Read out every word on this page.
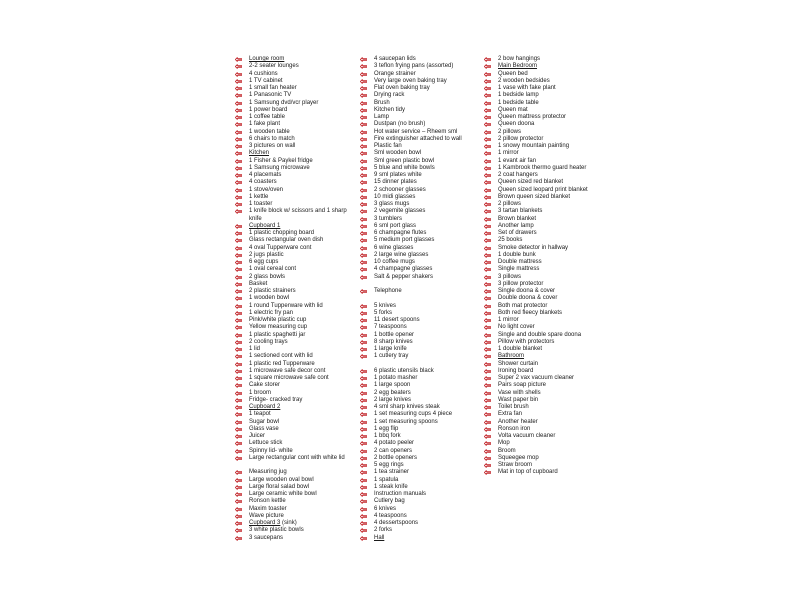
Lounge room
2-2 seater lounges
4 cushions
1 TV cabinet
1 small fan heater
1 Panasonic TV
1 Samsung dvd/vcr player
1 power board
1 coffee table
1 fake plant
1 wooden table
6 chairs to match
3 pictures on wall
Kitchen
1 Fisher & Paykel fridge
1 Samsung microwave
4 placemats
4 coasters
1 stove/oven
1 kettle
1 toaster
1 knife block w/ scissors and 1 sharp knife
Cupboard 1
1 plastic chopping board
Glass rectangular oven dish
4 oval Tupperware cont
2 jugs plastic
6 egg cups
1 oval cereal cont
2 glass bowls
Basket
2 plastic strainers
1 wooden bowl
1 round Tupperware with lid
1 electric fry pan
Pink/white plastic cup
Yellow measuring cup
1 plastic spaghetti jar
2 cooling trays
1 lid
1 sectioned cont with lid
1 plastic red Tupperware
1 microwave safe decor cont
1 square microwave safe cont
Cake storer
1 broom
Fridge- cracked tray
Cupboard 2
1 teapot
Sugar bowl
Glass vase
Juicer
Lettuce stick
Spinny lid- white
Large rectangular cont with white lid
Measuring jug
Large wooden oval bowl
Large floral salad bowl
Large ceramic white bowl
Ronson kettle
Maxim toaster
Wave picture
Cupboard 3 (sink)
3 white plastic bowls
3 saucepans
4 saucepan lids
3 teflon frying pans (assorted)
Orange strainer
Very large oven baking tray
Flat oven baking tray
Drying rack
Brush
Kitchen tidy
Lamp
Dustpan (no brush)
Hot water service – Rheem sml
Fire extinguisher attached to wall
Plastic fan
Sml wooden bowl
Sml green plastic bowl
5 blue and white bowls
9 sml plates white
15 dinner plates
2 schooner glasses
10 midi glasses
3 glass mugs
2 vegemite glasses
3 tumblers
6 sml port glass
6 champagne flutes
5 medium port glasses
6 wine glasses
2 large wine glasses
10 coffee mugs
4 champagne glasses
Salt & pepper shakers
Telephone
5 knives
5 forks
11 desert spoons
7 teaspoons
1 bottle opener
8 sharp knives
1 large knife
1 cutlery tray
6 plastic utensils black
1 potato masher
1 large spoon
2 egg beaters
2 large knives
4 sml sharp knives steak
1 set measuring cups 4 piece
1 set measuring spoons
1 egg flip
1 bbq fork
4 potato peeler
2 can openers
2 bottle openers
5 egg rings
1 tea strainer
1 spatula
1 steak knife
Instruction manuals
Cutlery bag
6 knives
4 teaspoons
4 dessertspoons
2 forks
Hall
2 bow hangings
Main Bedroom
Queen bed
2 wooden bedsides
1 vase with fake plant
1 bedside lamp
1 bedside table
Queen mat
Queen mattress protector
Queen doona
2 pillows
2 pillow protector
1 snowy mountain painting
1 mirror
1 evant air fan
1 Kambrook thermo guard heater
2 coat hangers
Queen sized red blanket
Queen sized leopard print blanket
Brown queen sized blanket
2 pillows
3 tartan blankets
Brown blanket
Another lamp
Set of drawers
25 books
Smoke detector in hallway
1 double bunk
Double mattress
Single mattress
3 pillows
3 pillow protector
Single doona & cover
Double doona & cover
Both mat protector
Both red fleecy blankets
1 mirror
No light cover
Single and double spare doona
Pillow with protectors
1 double blanket
Bathroom
Shower curtain
Ironing board
Super 2 vax vacuum cleaner
Pairs soap picture
Vase with shells
Wast paper bin
Toilet brush
Extra fan
Another heater
Ronson iron
Volta vacuum cleaner
Mop
Broom
Squeegee mop
Straw broom
Mat in top of cupboard
